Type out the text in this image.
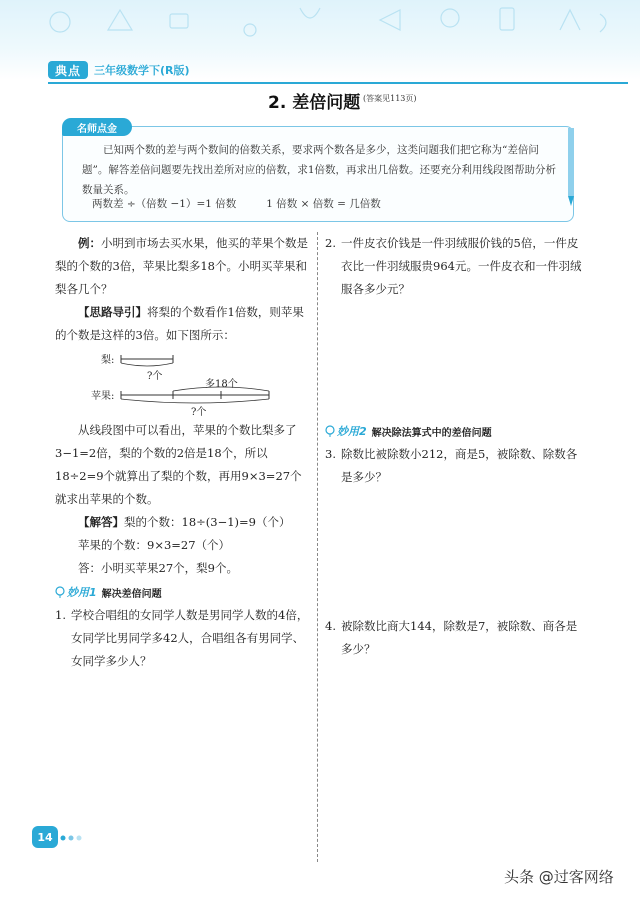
典点	三年级数学下(R版)
2. 差倍问题 (答案见113页)
名师点金
已知两个数的差与两个数间的倍数关系，要求两个数各是多少，这类问题我们把它称为“差倍问题”。解答差倍问题要先找出差所对应的倍数，求1倍数，再求出几倍数。还要充分利用线段图帮助分析数量关系。
两数差 ÷（倍数 −1）=1 倍数	1 倍数 × 倍数 = 几倍数

例：小明到市场去买水果，他买的苹果个数是梨的个数的3倍，苹果比梨多18个。小明买苹果和梨各几个？

【思路导引】将梨的个数看作1倍数，则苹果的个数是这样的3倍。如下图所示：

梨:
苹果:
?个
多18个
?个

从线段图中可以看出，苹果的个数比梨多了3−1=2倍，梨的个数的2倍是18个，所以18÷2=9个就算出了梨的个数，再用9×3=27个就求出苹果的个数。

【解答】梨的个数：18÷(3−1)=9（个）

苹果的个数：9×3=27（个）

答：小明买苹果27个，梨9个。

妙用1 解决差倍问题
1. 学校合唱组的女同学人数是男同学人数的4倍，女同学比男同学多42人，合唱组各有男同学、女同学多少人？
2. 一件皮衣价钱是一件羽绒服价钱的5倍，一件皮衣比一件羽绒服贵964元。一件皮衣和一件羽绒服各多少元？
妙用2 解决除法算式中的差倍问题
3. 除数比被除数小212，商是5，被除数、除数各是多少？
4. 被除数比商大144，除数是7，被除数、商各是多少？
14
头条 @过客网络
